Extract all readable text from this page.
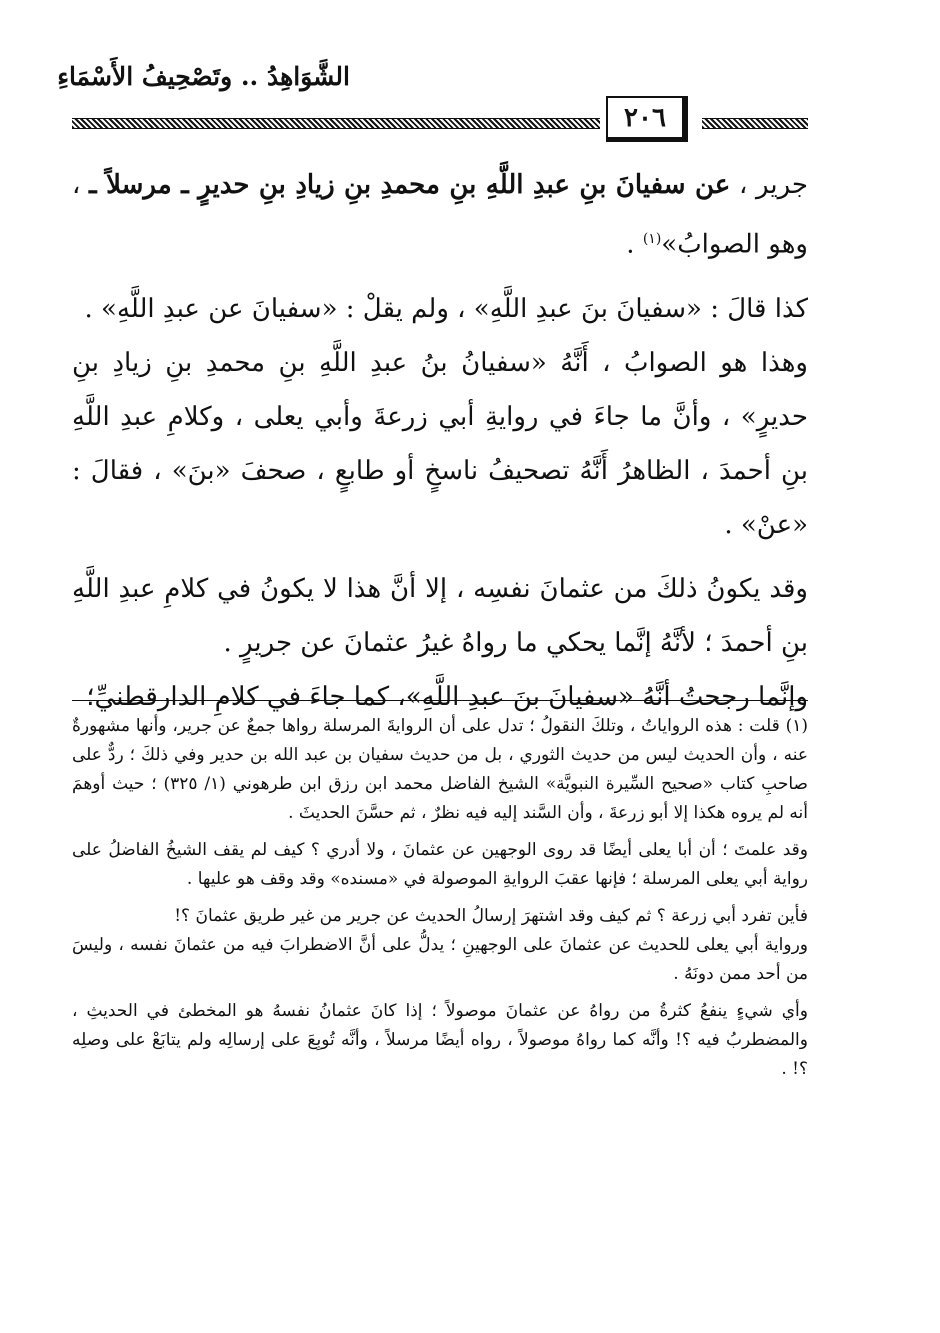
الشَّوَاهِدُ .. وتَصْحِيفُ الأَسْمَاءِ
٢٠٦

جرير ، عن سفيانَ بنِ عبدِ اللَّهِ بنِ محمدِ بنِ زيادِ بنِ حديرٍ ـ مرسلاً ـ ، وهو الصوابُ»$^{(١)}$ .

كذا قالَ : «سفيانَ بنَ عبدِ اللَّهِ» ، ولم يقلْ : «سفيانَ عن عبدِ اللَّهِ» .

وهذا هو الصوابُ ، أَنَّهُ «سفيانُ بنُ عبدِ اللَّهِ بنِ محمدِ بنِ زيادِ بنِ حديرٍ» ، وأنَّ ما جاءَ في روايةِ أبي زرعةَ وأبي يعلى ، وكلامِ عبدِ اللَّهِ بنِ أحمدَ ، الظاهرُ أَنَّهُ تصحيفُ ناسخٍ أو طابعٍ ، صحفَ «بنَ» ، فقالَ : «عنْ» .

وقد يكونُ ذلكَ من عثمانَ نفسِه ، إلا أنَّ هذا لا يكونُ في كلامِ عبدِ اللَّهِ بنِ أحمدَ ؛ لأنَّهُ إنَّما يحكي ما رواهُ غيرُ عثمانَ عن جريرٍ .

وإنَّما رجحتُ أنَّهُ «سفيانَ بنَ عبدِ اللَّهِ»، كما جاءَ في كلامِ الدارقطنيِّ؛

(١) قلت : هذه الرواياتُ ، وتلكَ النقولُ ؛ تدل على أن الروايةَ المرسلة رواها جمعٌ عن جرير، وأنها مشهورةٌ عنه ، وأن الحديث ليس من حديث الثوري ، بل من حديث سفيان بن عبد الله بن حدير وفي ذلكَ ؛ ردٌّ على صاحبِ كتاب «صحيح السِّيرة النبويَّة» الشيخ الفاضل محمد ابن رزق ابن طرهوني (١/ ٣٢٥) ؛ حيث أوهمَ أنه لم يروه هكذا إلا أبو زرعةَ ، وأن السَّند إليه فيه نظرٌ ، ثم حسَّنَ الحديثَ .

وقد علمتَ ؛ أن أبا يعلى أيضًا قد روى الوجهين عن عثمانَ ، ولا أدري ؟ كيف لم يقف الشيخُ الفاضلُ على رواية أبي يعلى المرسلة ؛ فإنها عقبَ الروايةِ الموصولة في «مسنده» وقد وقف هو عليها .

فأين تفرد أبي زرعة ؟ ثم كيف وقد اشتهرَ إرسالُ الحديث عن جرير من غير طريق عثمانَ ؟!

ورواية أبي يعلى للحديث عن عثمانَ على الوجهينِ ؛ يدلُّ على أنَّ الاضطرابَ فيه من عثمانَ نفسه ، وليسَ من أحد ممن دونَهُ .

وأي شيءٍ ينفعُ كثرةُ من رواهُ عن عثمانَ موصولاً ؛ إذا كانَ عثمانُ نفسهُ هو المخطئ في الحديثِ ، والمضطربُ فيه ؟! وأنَّه كما رواهُ موصولاً ، رواه أيضًا مرسلاً ، وأنَّه تُوبِعَ على إرسالِه ولم يتابَعْ على وصلِه ؟! .
